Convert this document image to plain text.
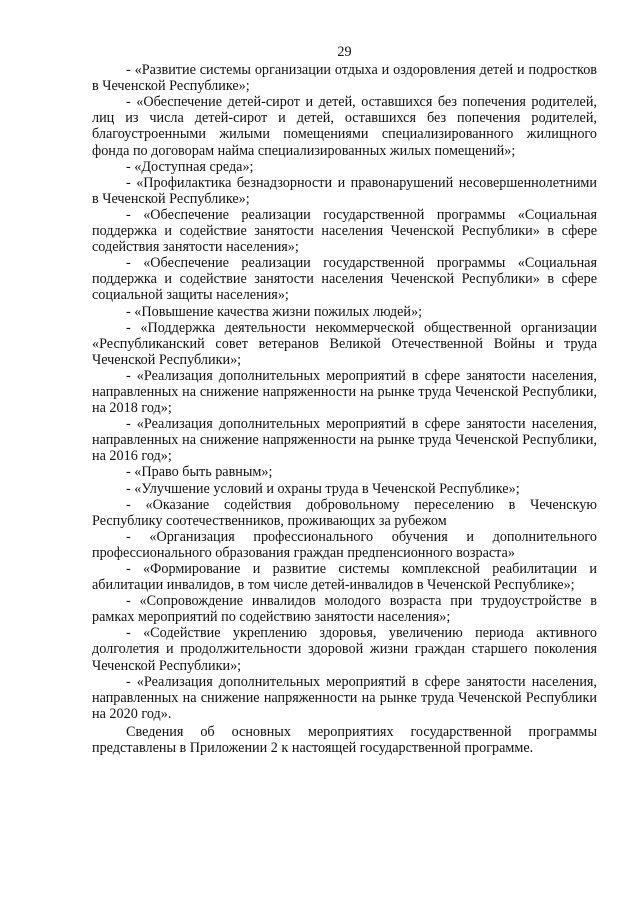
29

- «Развитие системы организации отдыха и оздоровления детей и подростков в Чеченской Республике»;

- «Обеспечение детей-сирот и детей, оставшихся без попечения родителей, лиц из числа детей-сирот и детей, оставшихся без попечения родителей, благоустроенными жилыми помещениями специализированного жилищного фонда по договорам найма специализированных жилых помещений»;

- «Доступная среда»;

- «Профилактика безнадзорности и правонарушений несовершеннолетними в Чеченской Республике»;

- «Обеспечение реализации государственной программы «Социальная поддержка и содействие занятости населения Чеченской Республики» в сфере содействия занятости населения»;

- «Обеспечение реализации государственной программы «Социальная поддержка и содействие занятости населения Чеченской Республики» в сфере социальной защиты населения»;

- «Повышение качества жизни пожилых людей»;

- «Поддержка деятельности некоммерческой общественной организации «Республиканский совет ветеранов Великой Отечественной Войны и труда Чеченской Республики»;

- «Реализация дополнительных мероприятий в сфере занятости населения, направленных на снижение напряженности на рынке труда Чеченской Республики, на 2018 год»;

- «Реализация дополнительных мероприятий в сфере занятости населения, направленных на снижение напряженности на рынке труда Чеченской Республики, на 2016 год»;

- «Право быть равным»;

- «Улучшение условий и охраны труда в Чеченской Республике»;

- «Оказание содействия добровольному переселению в Чеченскую Республику соотечественников, проживающих за рубежом

- «Организация профессионального обучения и дополнительного профессионального образования граждан предпенсионного возраста»

- «Формирование и развитие системы комплексной реабилитации и абилитации инвалидов, в том числе детей-инвалидов в Чеченской Республике»;

- «Сопровождение инвалидов молодого возраста при трудоустройстве в рамках мероприятий по содействию занятости населения»;

- «Содействие укреплению здоровья, увеличению периода активного долголетия и продолжительности здоровой жизни граждан старшего поколения Чеченской Республики»;

- «Реализация дополнительных мероприятий в сфере занятости населения, направленных на снижение напряженности на рынке труда Чеченской Республики на 2020 год».

Сведения об основных мероприятиях государственной программы представлены в Приложении 2 к настоящей государственной программе.
